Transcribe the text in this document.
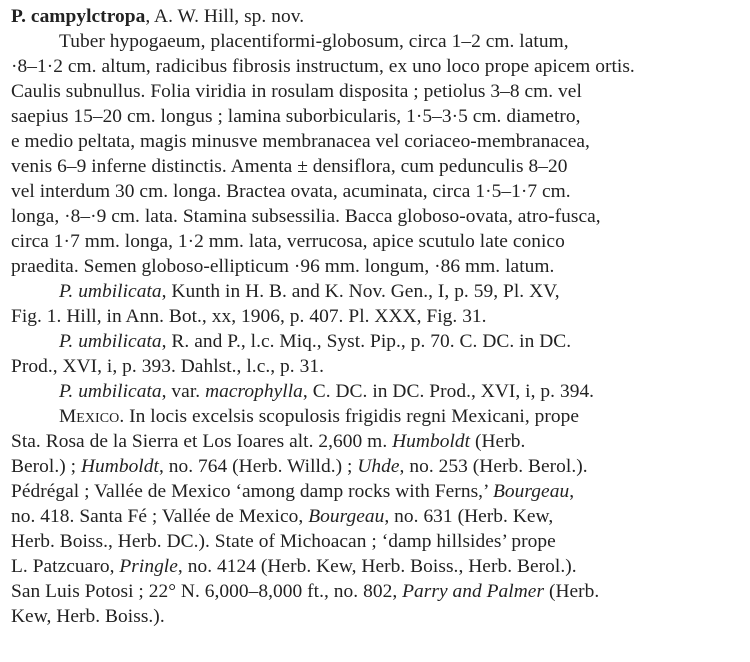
P. campylctropa, A. W. Hill, sp. nov.
Tuber hypogaeum, placentiformi-globosum, circa 1–2 cm. latum,
·8–1·2 cm. altum, radicibus fibrosis instructum, ex uno loco prope apicem ortis.
Caulis subnullus. Folia viridia in rosulam disposita ; petiolus 3–8 cm. vel
saepius 15–20 cm. longus ; lamina suborbicularis, 1·5–3·5 cm. diametro,
e medio peltata, magis minusve membranacea vel coriaceo-membranacea,
venis 6–9 inferne distinctis. Amenta ± densiflora, cum pedunculis 8–20
vel interdum 30 cm. longa. Bractea ovata, acuminata, circa 1·5–1·7 cm.
longa, ·8–·9 cm. lata. Stamina subsessilia. Bacca globoso-ovata, atro-fusca,
circa 1·7 mm. longa, 1·2 mm. lata, verrucosa, apice scutulo late conico
praedita. Semen globoso-ellipticum ·96 mm. longum, ·86 mm. latum.
P. umbilicata, Kunth in H. B. and K. Nov. Gen., I, p. 59, Pl. XV,
Fig. 1. Hill, in Ann. Bot., xx, 1906, p. 407. Pl. XXX, Fig. 31.
P. umbilicata, R. and P., l.c. Miq., Syst. Pip., p. 70. C. DC. in DC.
Prod., XVI, i, p. 393. Dahlst., l.c., p. 31.
P. umbilicata, var. macrophylla, C. DC. in DC. Prod., XVI, i, p. 394.
Mexico. In locis excelsis scopulosis frigidis regni Mexicani, prope
Sta. Rosa de la Sierra et Los Ioares alt. 2,600 m. Humboldt (Herb.
Berol.) ; Humboldt, no. 764 (Herb. Willd.) ; Uhde, no. 253 (Herb. Berol.).
Pédrégal ; Vallée de Mexico ‘among damp rocks with Ferns,’ Bourgeau,
no. 418. Santa Fé ; Vallée de Mexico, Bourgeau, no. 631 (Herb. Kew,
Herb. Boiss., Herb. DC.). State of Michoacan ; ‘damp hillsides’ prope
L. Patzcuaro, Pringle, no. 4124 (Herb. Kew, Herb. Boiss., Herb. Berol.).
San Luis Potosi ; 22° N. 6,000–8,000 ft., no. 802, Parry and Palmer (Herb.
Kew, Herb. Boiss.).
